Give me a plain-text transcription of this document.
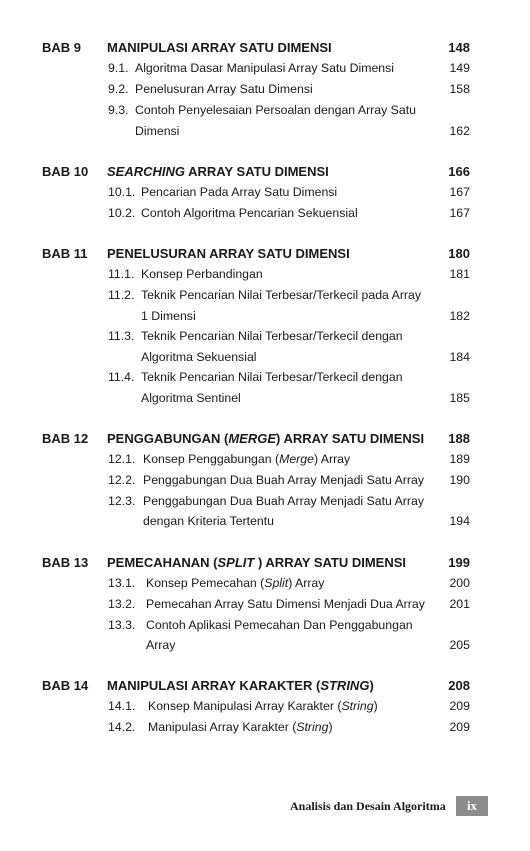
BAB 9 MANIPULASI ARRAY SATU DIMENSI	148
9.1. Algoritma Dasar Manipulasi Array Satu Dimensi	149
9.2. Penelusuran Array Satu Dimensi	158
9.3. Contoh Penyelesaian Persoalan dengan Array Satu
Dimensi	162
BAB 10 SEARCHING ARRAY SATU DIMENSI	166
10.1. Pencarian Pada Array Satu Dimensi	167
10.2. Contoh Algoritma Pencarian Sekuensial	167
BAB 11 PENELUSURAN ARRAY SATU DIMENSI	180
11.1. Konsep Perbandingan	181
11.2. Teknik Pencarian Nilai Terbesar/Terkecil pada Array
1 Dimensi	182
11.3. Teknik Pencarian Nilai Terbesar/Terkecil dengan
Algoritma Sekuensial	184
11.4. Teknik Pencarian Nilai Terbesar/Terkecil dengan
Algoritma Sentinel	185
BAB 12 PENGGABUNGAN (MERGE) ARRAY SATU DIMENSI 188
12.1. Konsep Penggabungan (Merge) Array	189
12.2. Penggabungan Dua Buah Array Menjadi Satu Array	190
12.3. Penggabungan Dua Buah Array Menjadi Satu Array
dengan Kriteria Tertentu	194
BAB 13 PEMECAHANAN (SPLIT ) ARRAY SATU DIMENSI	199
13.1. Konsep Pemecahan (Split) Array	200
13.2. Pemecahan Array Satu Dimensi Menjadi Dua Array	201
13.3. Contoh Aplikasi Pemecahan Dan Penggabungan
Array	205
BAB 14 MANIPULASI ARRAY KARAKTER (STRING)	208
14.1. Konsep Manipulasi Array Karakter (String)	209
14.2. Manipulasi Array Karakter (String)	209
Analisis dan Desain Algoritma	ix
